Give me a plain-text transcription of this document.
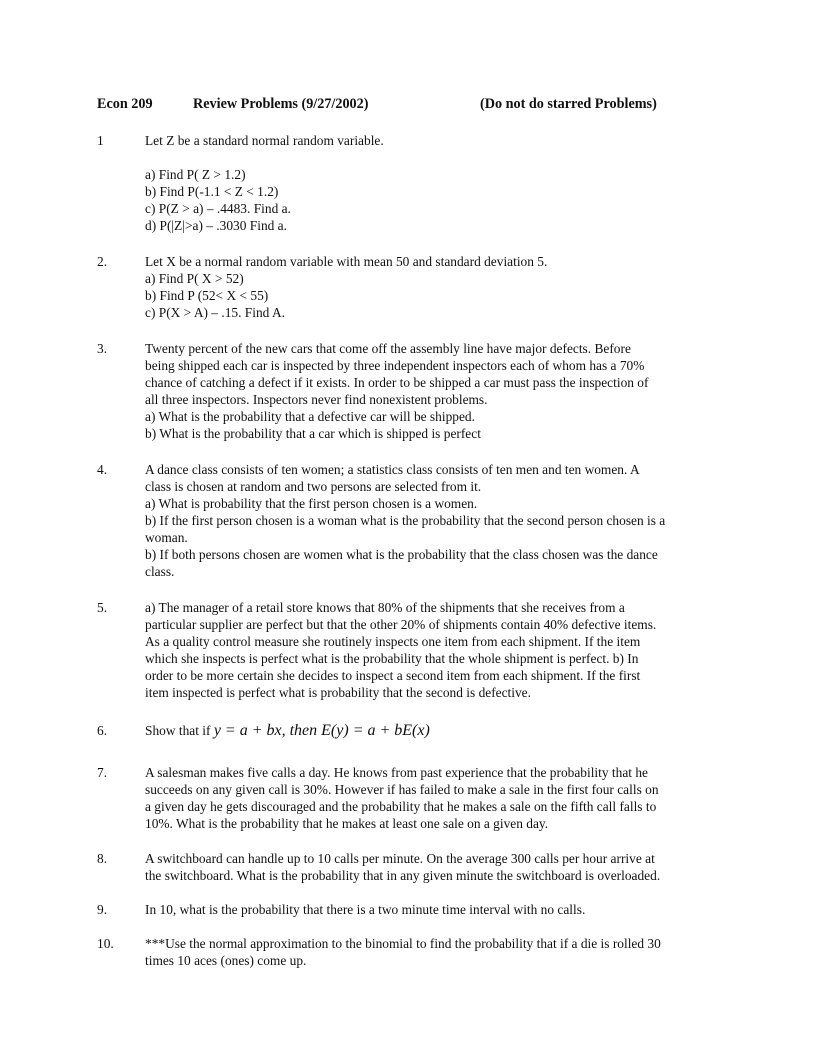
Econ 209	Review Problems (9/27/2002)	(Do not do starred Problems)
1	Let Z be a standard normal random variable.

a) Find P( Z > 1.2)

b) Find P(-1.1 < Z < 1.2)

c) P(Z > a) – .4483. Find a.

d) P(|Z|>a) – .3030 Find a.

2.	Let X be a normal random variable with mean 50 and standard deviation 5.

a) Find P( X > 52)

b) Find P (52< X < 55)

c) P(X > A) – .15. Find A.

3.	Twenty percent of the new cars that come off the assembly line have major defects. Before

being shipped each car is inspected by three independent inspectors each of whom has a 70%

chance of catching a defect if it exists. In order to be shipped a car must pass the inspection of

all three inspectors. Inspectors never find nonexistent problems.

a) What is the probability that a defective car will be shipped.

b) What is the probability that a car which is shipped is perfect

4.	A dance class consists of ten women; a statistics class consists of ten men and ten women. A

class is chosen at random and two persons are selected from it.

a) What is probability that the first person chosen is a women.

b) If the first person chosen is a woman what is the probability that the second person chosen is a

woman.

b) If both persons chosen are women what is the probability that the class chosen was the dance

class.

5.	a) The manager of a retail store knows that 80% of the shipments that she receives from a

particular supplier are perfect but that the other 20% of shipments contain 40% defective items.

As a quality control measure she routinely inspects one item from each shipment. If the item

which she inspects is perfect what is the probability that the whole shipment is perfect. b) In

order to be more certain she decides to inspect a second item from each shipment. If the first

item inspected is perfect what is probability that the second is defective.

6.	Show that if y = a + bx, then E(y) = a + bE(x)

7.	A salesman makes five calls a day. He knows from past experience that the probability that he

succeeds on any given call is 30%. However if has failed to make a sale in the first four calls on

a given day he gets discouraged and the probability that he makes a sale on the fifth call falls to

10%. What is the probability that he makes at least one sale on a given day.

8.	A switchboard can handle up to 10 calls per minute. On the average 300 calls per hour arrive at

the switchboard. What is the probability that in any given minute the switchboard is overloaded.

9.	In 10, what is the probability that there is a two minute time interval with no calls.

10. ***Use the normal approximation to the binomial to find the probability that if a die is rolled 30

times 10 aces (ones) come up.
